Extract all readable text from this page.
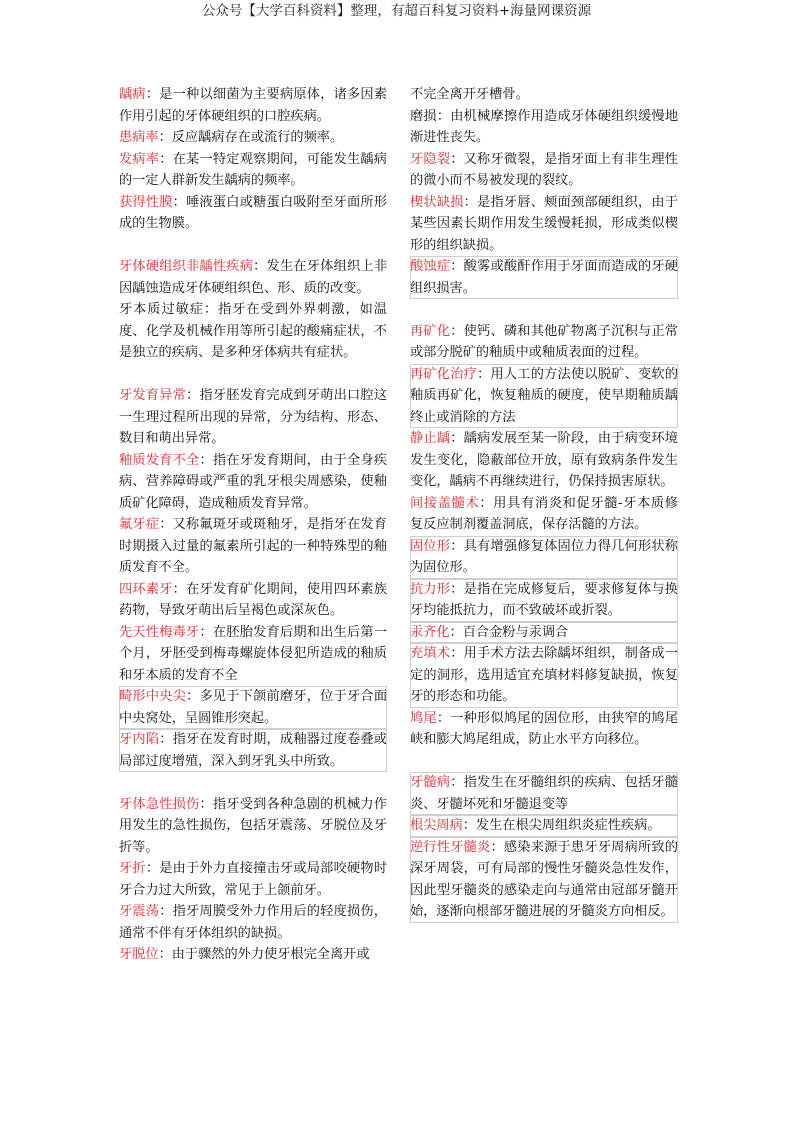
公众号【大学百科资料】整理，有超百科复习资料+海量网课资源

龋病：是一种以细菌为主要病原体，诸多因素作用引起的牙体硬组织的口腔疾病。

患病率：反应龋病存在或流行的频率。

发病率：在某一特定观察期间，可能发生龋病的一定人群新发生龋病的频率。

获得性膜：唾液蛋白或糖蛋白吸附至牙面所形成的生物膜。

牙体硬组织非龋性疾病：发生在牙体组织上非因龋蚀造成牙体硬组织色、形、质的改变。

牙本质过敏症：指牙在受到外界刺激，如温度、化学及机械作用等所引起的酸痛症状，不是独立的疾病、是多种牙体病共有症状。

牙发育异常：指牙胚发育完成到牙萌出口腔这一生理过程所出现的异常，分为结构、形态、数目和萌出异常。

釉质发育不全：指在牙发育期间，由于全身疾病、营养障碍或严重的乳牙根尖周感染，使釉质矿化障碍，造成釉质发育异常。

氟牙症：又称氟斑牙或斑釉牙，是指牙在发育时期摄入过量的氟素所引起的一种特殊型的釉质发育不全。

四环素牙：在牙发育矿化期间，使用四环素族药物，导致牙萌出后呈褐色或深灰色。

先天性梅毒牙：在胚胎发育后期和出生后第一个月，牙胚受到梅毒螺旋体侵犯所造成的釉质和牙本质的发育不全

畸形中央尖：多见于下颌前磨牙，位于牙合面中央窝处，呈圆锥形突起。

牙内陷：指牙在发育时期，成釉器过度卷叠或局部过度增殖，深入到牙乳头中所致。

牙体急性损伤：指牙受到各种急剧的机械力作用发生的急性损伤，包括牙震荡、牙脱位及牙折等。

牙折：是由于外力直接撞击牙或局部咬硬物时牙合力过大所致，常见于上颌前牙。

牙震荡：指牙周膜受外力作用后的轻度损伤，通常不伴有牙体组织的缺损。

牙脱位：由于骤然的外力使牙根完全离开或

不完全离开牙槽骨。

磨损：由机械摩擦作用造成牙体硬组织缓慢地渐进性丧失。

牙隐裂：又称牙微裂，是指牙面上有非生理性的微小而不易被发现的裂纹。

楔状缺损：是指牙唇、颊面颈部硬组织，由于某些因素长期作用发生缓慢耗损，形成类似楔形的组织缺损。

酸蚀症：酸雾或酸酐作用于牙面而造成的牙硬组织损害。

再矿化：使钙、磷和其他矿物离子沉积与正常或部分脱矿的釉质中或釉质表面的过程。

再矿化治疗：用人工的方法使以脱矿、变软的釉质再矿化，恢复釉质的硬度，使早期釉质龋终止或消除的方法

静止龋：龋病发展至某一阶段，由于病变环境发生变化，隐蔽部位开放，原有致病条件发生变化，龋病不再继续进行，仍保持损害原状。

间接盖髓术：用具有消炎和促牙髓-牙本质修复反应制剂覆盖洞底，保存活髓的方法。

固位形：具有增强修复体固位力得几何形状称为固位形。

抗力形：是指在完成修复后，要求修复体与换牙均能抵抗力，而不致破坏或折裂。

汞齐化：百合金粉与汞调合

充填术：用手术方法去除龋坏组织，制备成一定的洞形，选用适宜充填材料修复缺损，恢复牙的形态和功能。

鸠尾：一种形似鸠尾的固位形，由狭窄的鸠尾峡和膨大鸠尾组成，防止水平方向移位。

牙髓病：指发生在牙髓组织的疾病、包括牙髓炎、牙髓坏死和牙髓退变等

根尖周病：发生在根尖周组织炎症性疾病。

逆行性牙髓炎：感染来源于患牙牙周病所致的深牙周袋，可有局部的慢性牙髓炎急性发作，因此型牙髓炎的感染走向与通常由冠部牙髓开始，逐渐向根部牙髓进展的牙髓炎方向相反。
